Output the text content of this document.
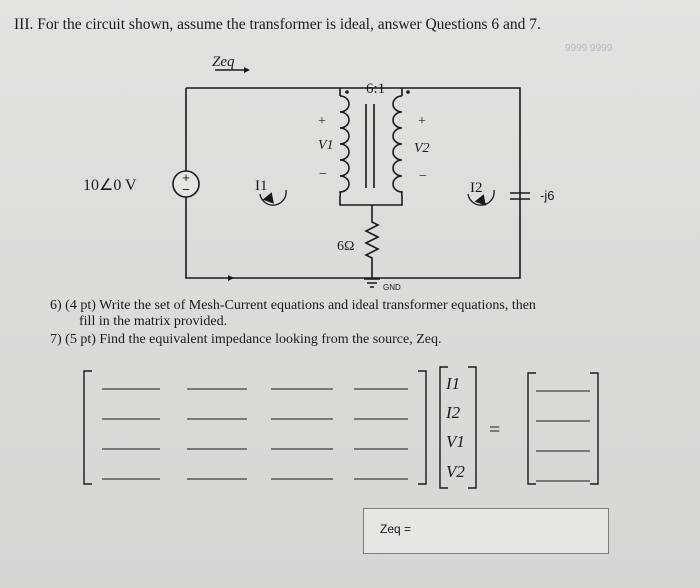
III. For the circuit shown, assume the transformer is ideal, answer Questions 6 and 7.
9999 9999
+
−
Zeq
6:1
10∠0 V
+
V1
−
+
V2
−
I1	I2	-j6
6Ω
GND
I1
I2
V1
V2
=
6) (4 pt) Write the set of Mesh-Current equations and ideal transformer equations, then
fill in the matrix provided.
7) (5 pt) Find the equivalent impedance looking from the source, Zeq.
Zeq =
